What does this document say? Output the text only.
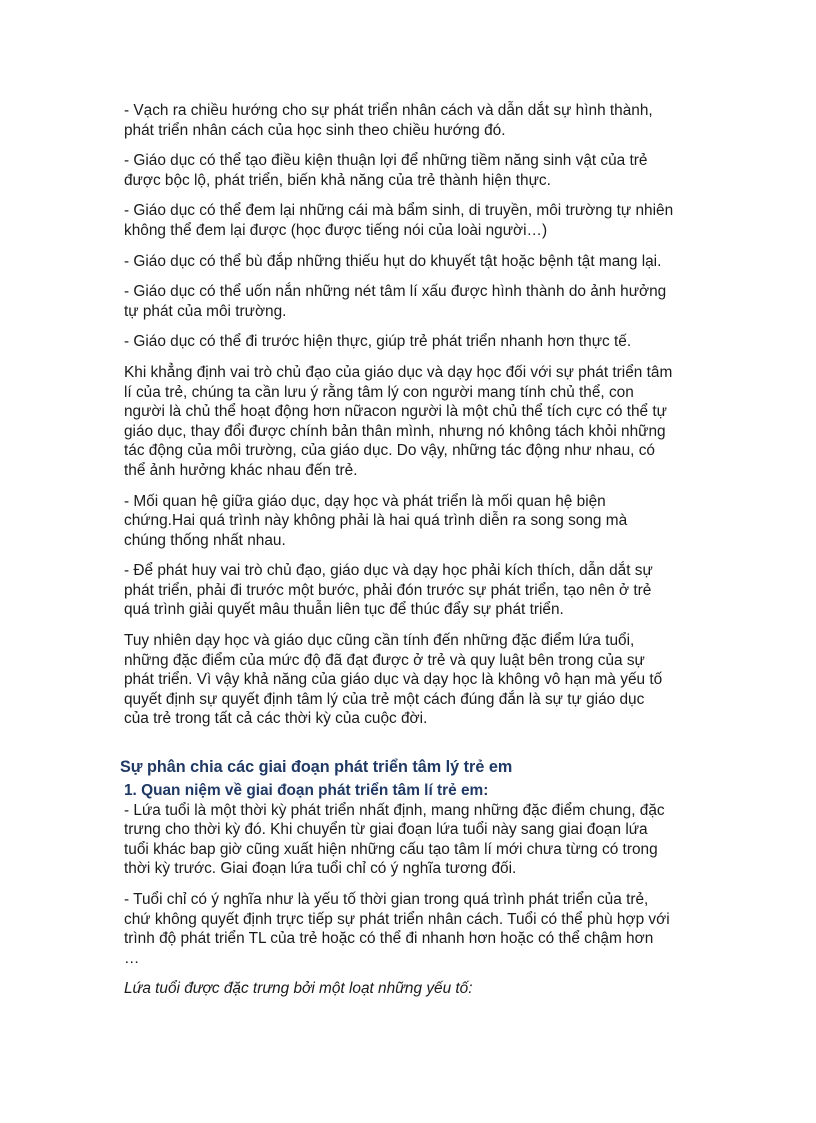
- Vạch ra chiều hướng cho sự phát triển nhân cách và dẫn dắt sự hình thành,
phát triển nhân cách của học sinh theo chiều hướng đó.

- Giáo dục có thể tạo điều kiện thuận lợi để những tiềm năng sinh vật của trẻ
được bộc lộ, phát triển, biến khả năng của trẻ thành hiện thực.

- Giáo dục có thể đem lại những cái mà bẩm sinh, di truyền, môi trường tự nhiên
không thể đem lại được (học được tiếng nói của loài người…)

- Giáo dục có thể bù đắp những thiếu hụt do khuyết tật hoặc bệnh tật mang lại.

- Giáo dục có thể uốn nắn những nét tâm lí xấu được hình thành do ảnh hưởng
tự phát của môi trường.

- Giáo dục có thể đi trước hiện thực, giúp trẻ phát triển nhanh hơn thực tế.

Khi khẳng định vai trò chủ đạo của giáo dục và dạy học đối với sự phát triển tâm
lí của trẻ, chúng ta cần lưu ý rằng tâm lý con người mang tính chủ thể, con
người là chủ thể hoạt động hơn nữacon người là một chủ thể tích cực có thể tự
giáo dục, thay đổi được chính bản thân mình, nhưng nó không tách khỏi những
tác động của môi trường, của giáo dục. Do vậy, những tác động như nhau, có
thể ảnh hưởng khác nhau đến trẻ.

- Mối quan hệ giữa giáo dục, dạy học và phát triển là mối quan hệ biện
chứng.Hai quá trình này không phải là hai quá trình diễn ra song song mà
chúng thống nhất nhau.

- Để phát huy vai trò chủ đạo, giáo dục và dạy học phải kích thích, dẫn dắt sự
phát triển, phải đi trước một bước, phải đón trước sự phát triển, tạo nên ở trẻ
quá trình giải quyết mâu thuẫn liên tục để thúc đẩy sự phát triển.

Tuy nhiên dạy học và giáo dục cũng cần tính đến những đặc điểm lứa tuổi,
những đặc điểm của mức độ đã đạt được ở trẻ và quy luật bên trong của sự
phát triển. Vì vậy khả năng của giáo dục và dạy học là không vô hạn mà yếu tố
quyết định sự quyết định tâm lý của trẻ một cách đúng đắn là sự tự giáo dục
của trẻ trong tất cả các thời kỳ của cuộc đời.

Sự phân chia các giai đoạn phát triển tâm lý trẻ em
1. Quan niệm về giai đoạn phát triển tâm lí trẻ em:

- Lứa tuổi là một thời kỳ phát triển nhất định, mang những đặc điểm chung, đặc
trưng cho thời kỳ đó. Khi chuyển từ giai đoạn lứa tuổi này sang giai đoạn lứa
tuổi khác bap giờ cũng xuất hiện những cấu tạo tâm lí mới chưa từng có trong
thời kỳ trước. Giai đoạn lứa tuổi chỉ có ý nghĩa tương đối.

- Tuổi chỉ có ý nghĩa như là yếu tố thời gian trong quá trình phát triển của trẻ,
chứ không quyết định trực tiếp sự phát triển nhân cách. Tuổi có thể phù hợp với
trình độ phát triển TL của trẻ hoặc có thể đi nhanh hơn hoặc có thể chậm hơn
…

Lứa tuổi được đặc trưng bởi một loạt những yếu tố:
